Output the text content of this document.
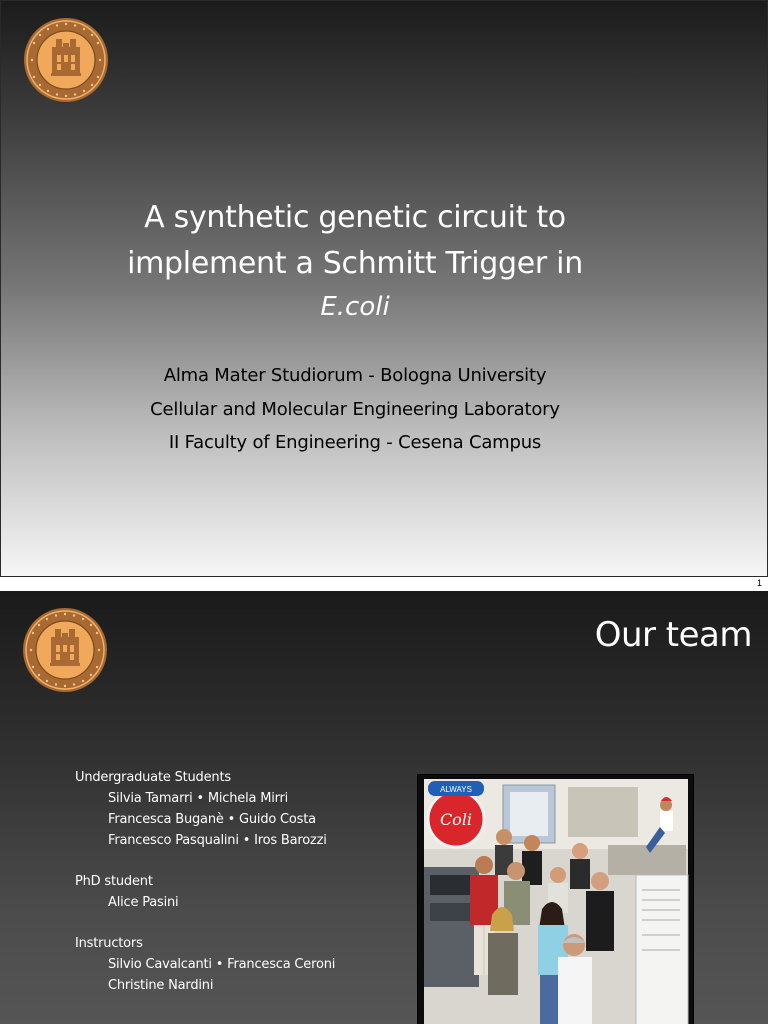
A synthetic genetic circuit to
implement a Schmitt Trigger in
E.coli
Alma Mater Studiorum - Bologna University
Cellular and Molecular Engineering Laboratory
II Faculty of Engineering - Cesena Campus
1
Our team
Undergraduate Students
Silvia Tamarri • Michela Mirri
Francesca Buganè • Guido Costa
Francesco Pasqualini • Iros Barozzi
PhD student
Alice Pasini
Instructors
Silvio Cavalcanti • Francesca Ceroni
Christine Nardini
ALWAYS
Coli
